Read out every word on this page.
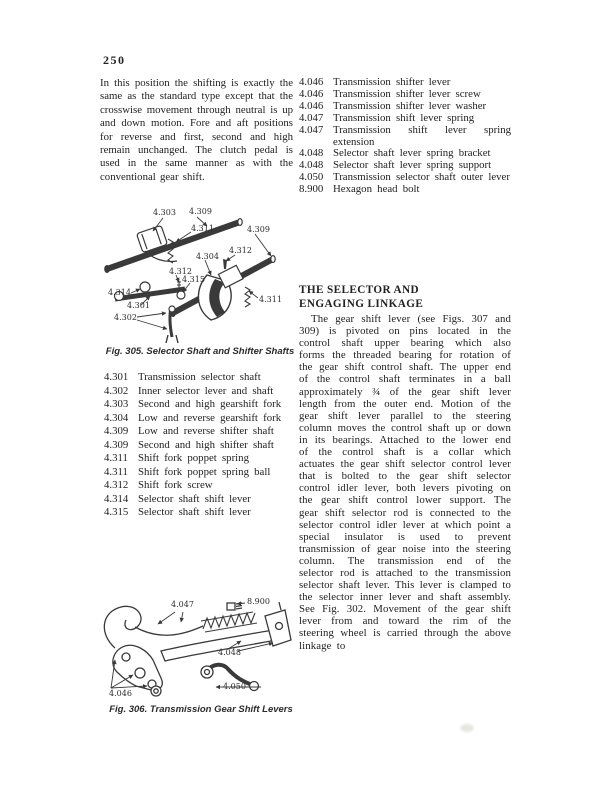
250
In this position the shifting is exactly the same as the standard type except that the crosswise movement through neutral is up and down motion. Fore and aft positions for reverse and first, second and high remain unchanged. The clutch pedal is used in the same manner as with the conventional gear shift.
4.303 4.309
4.311	4.309
4.312
4.304
4.312
4.315
4.314
4.301
4.311
4.302
Fig. 305. Selector Shaft and Shifter Shafts
4.301 Transmission selector shaft
4.302 Inner selector lever and shaft
4.303 Second and high gearshift fork
4.304 Low and reverse gearshift fork
4.309 Low and reverse shifter shaft
4.309 Second and high shifter shaft
4.311 Shift fork poppet spring
4.311 Shift fork poppet spring ball
4.312 Shift fork screw
4.314 Selector shaft shift lever
4.315 Selector shaft shift lever
4.047	8.900
4.048
4.046
4.050
Fig. 306. Transmission Gear Shift Levers
4.046 Transmission shifter lever
4.046 Transmission shifter lever screw
4.046 Transmission shifter lever washer
4.047 Transmission shift lever spring
4.047 Transmission shift lever spring extension
4.048 Selector shaft lever spring bracket
4.048 Selector shaft lever spring support
4.050 Transmission selector shaft outer lever
8.900 Hexagon head bolt
THE SELECTOR AND
ENGAGING LINKAGE
The gear shift lever (see Figs. 307 and 309) is pivoted on pins located in the control shaft upper bearing which also forms the threaded bearing for rotation of the gear shift control shaft. The upper end of the control shaft terminates in a ball approximately ¾ of the gear shift lever length from the outer end. Motion of the gear shift lever parallel to the steering column moves the control shaft up or down in its bearings. Attached to the lower end of the control shaft is a collar which actuates the gear shift selector control lever that is bolted to the gear shift selector control idler lever, both levers pivoting on the gear shift control lower support. The gear shift selector rod is connected to the selector control idler lever at which point a special insulator is used to prevent transmission of gear noise into the steering column. The transmission end of the selector rod is attached to the transmission selector shaft lever. This lever is clamped to the selector inner lever and shaft assembly. See Fig. 302. Movement of the gear shift lever from and toward the rim of the steering wheel is carried through the above linkage to
